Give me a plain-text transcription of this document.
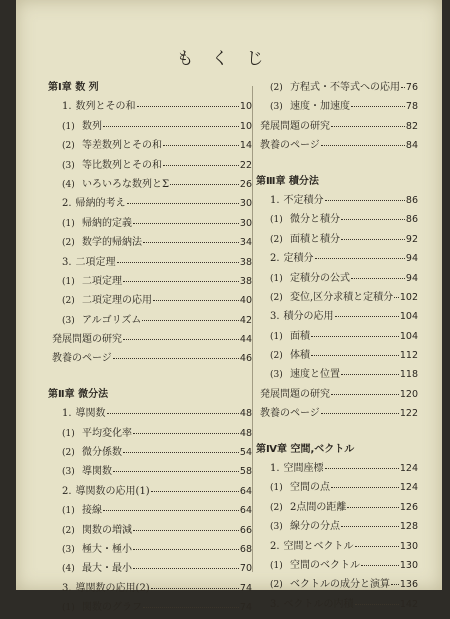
もくじ
第Ⅰ章 数 列
1. 数列とその和	10
(1) 数列	10
(2) 等差数列とその和	14
(3) 等比数列とその和	22
(4) いろいろな数列とΣ	26
2. 帰納的考え	30
(1) 帰納的定義	30
(2) 数学的帰納法	34
3. 二項定理	38
(1) 二項定理	38
(2) 二項定理の応用	40
(3) アルゴリズム	42
発展問題の研究	44
教養のページ	46
第Ⅱ章 微分法
1. 導関数	48
(1) 平均変化率	48
(2) 微分係数	54
(3) 導関数	58
2. 導関数の応用(1)	64
(1) 接線	64
(2) 関数の増減	66
(3) 極大・極小	68
(4) 最大・最小	70
3. 導関数の応用(2)	74
(1) 関数のグラフ	74
(2) 方程式・不等式への応用 76
(3) 速度・加速度	78
発展問題の研究	82
教養のページ	84
第Ⅲ章 積分法
1. 不定積分	86
(1) 微分と積分	86
(2) 面積と積分	92
2. 定積分	94
(1) 定積分の公式	94
(2) 変位,区分求積と定積分 102
3. 積分の応用	104
(1) 面積	104
(2) 体積	112
(3) 速度と位置	118
発展問題の研究	120
教養のページ	122
第Ⅳ章 空間,ベクトル
1. 空間座標	124
(1) 空間の点	124
(2) 2点間の距離	126
(3) 線分の分点	128
2. 空間とベクトル	130
(1) 空間のベクトル	130
(2) ベクトルの成分と演算 136
3. ベクトルの内積	142
